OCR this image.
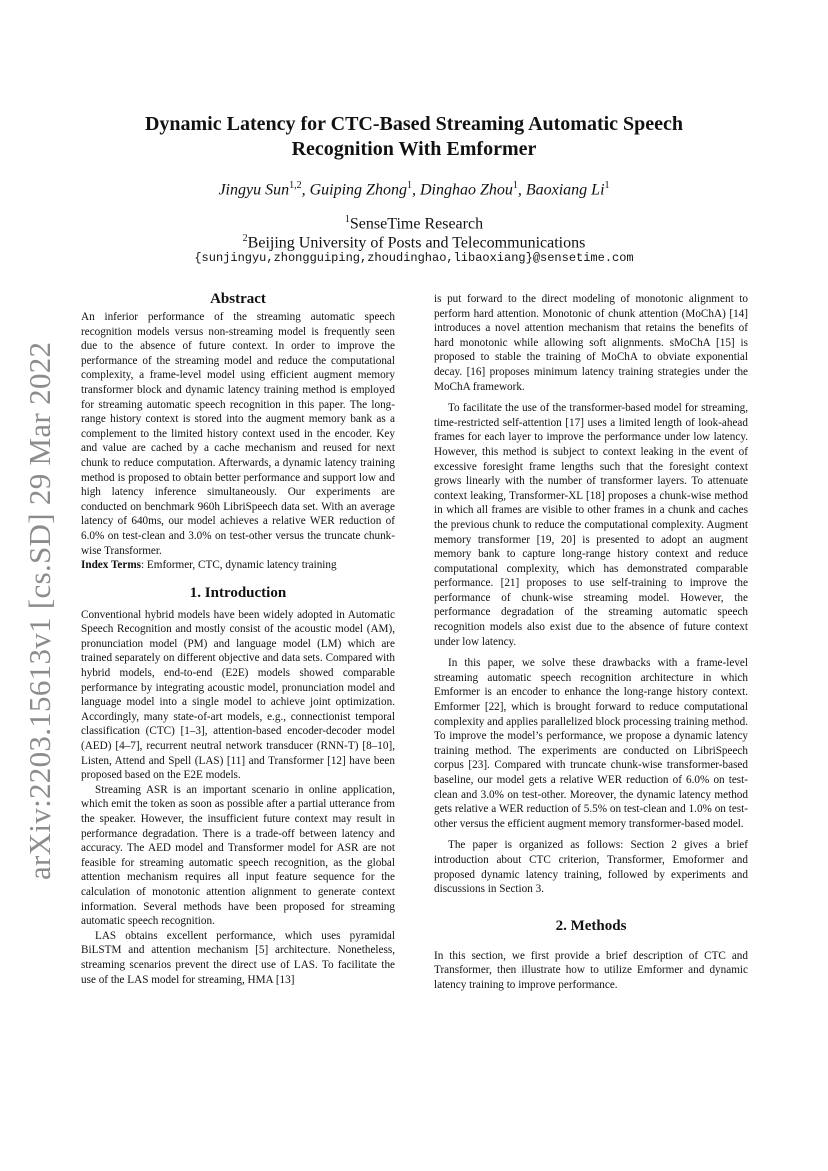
arXiv:2203.15613v1 [cs.SD] 29 Mar 2022
Dynamic Latency for CTC-Based Streaming Automatic Speech
Recognition With Emformer
Jingyu Sun$^{1,2}$, Guiping Zhong$^1$, Dinghao Zhou$^1$, Baoxiang Li$^1$
$^1$SenseTime Research
$^2$Beijing University of Posts and Telecommunications
{sunjingyu,zhongguiping,zhoudinghao,libaoxiang}@sensetime.com
Abstract

An inferior performance of the streaming automatic speech recognition models versus non-streaming model is frequently seen due to the absence of future context. In order to improve the performance of the streaming model and reduce the computational complexity, a frame-level model using efficient augment memory transformer block and dynamic latency training method is employed for streaming automatic speech recognition in this paper. The long-range history context is stored into the augment memory bank as a complement to the limited history context used in the encoder. Key and value are cached by a cache mechanism and reused for next chunk to reduce computation. Afterwards, a dynamic latency training method is proposed to obtain better performance and support low and high latency inference simultaneously. Our experiments are conducted on benchmark 960h LibriSpeech data set. With an average latency of 640ms, our model achieves a relative WER reduction of 6.0% on test-clean and 3.0% on test-other versus the truncate chunk-wise Transformer.

Index Terms: Emformer, CTC, dynamic latency training

1. Introduction

Conventional hybrid models have been widely adopted in Automatic Speech Recognition and mostly consist of the acoustic model (AM), pronunciation model (PM) and language model (LM) which are trained separately on different objective and data sets. Compared with hybrid models, end-to-end (E2E) models showed comparable performance by integrating acoustic model, pronunciation model and language model into a single model to achieve joint optimization. Accordingly, many state-of-art models, e.g., connectionist temporal classification (CTC) [1–3], attention-based encoder-decoder model (AED) [4–7], recurrent neutral network transducer (RNN-T) [8–10], Listen, Attend and Spell (LAS) [11] and Transformer [12] have been proposed based on the E2E models.

Streaming ASR is an important scenario in online application, which emit the token as soon as possible after a partial utterance from the speaker. However, the insufficient future context may result in performance degradation. There is a trade-off between latency and accuracy. The AED model and Transformer model for ASR are not feasible for streaming automatic speech recognition, as the global attention mechanism requires all input feature sequence for the calculation of monotonic attention alignment to generate context information. Several methods have been proposed for streaming automatic speech recognition.

LAS obtains excellent performance, which uses pyramidal BiLSTM and attention mechanism [5] architecture. Nonetheless, streaming scenarios prevent the direct use of LAS. To facilitate the use of the LAS model for streaming, HMA [13]

is put forward to the direct modeling of monotonic alignment to perform hard attention. Monotonic of chunk attention (MoChA) [14] introduces a novel attention mechanism that retains the benefits of hard monotonic while allowing soft alignments. sMoChA [15] is proposed to stable the training of MoChA to obviate exponential decay. [16] proposes minimum latency training strategies under the MoChA framework.

To facilitate the use of the transformer-based model for streaming, time-restricted self-attention [17] uses a limited length of look-ahead frames for each layer to improve the performance under low latency. However, this method is subject to context leaking in the event of excessive foresight frame lengths such that the foresight context grows linearly with the number of transformer layers. To attenuate context leaking, Transformer-XL [18] proposes a chunk-wise method in which all frames are visible to other frames in a chunk and caches the previous chunk to reduce the computational complexity. Augment memory transformer [19, 20] is presented to adopt an augment memory bank to capture long-range history context and reduce computational complexity, which has demonstrated comparable performance. [21] proposes to use self-training to improve the performance of chunk-wise streaming model. However, the performance degradation of the streaming automatic speech recognition models also exist due to the absence of future context under low latency.

In this paper, we solve these drawbacks with a frame-level streaming automatic speech recognition architecture in which Emformer is an encoder to enhance the long-range history context. Emformer [22], which is brought forward to reduce computational complexity and applies parallelized block processing training method. To improve the model’s performance, we propose a dynamic latency training method. The experiments are conducted on LibriSpeech corpus [23]. Compared with truncate chunk-wise transformer-based baseline, our model gets a relative WER reduction of 6.0% on test-clean and 3.0% on test-other. Moreover, the dynamic latency method gets relative a WER reduction of 5.5% on test-clean and 1.0% on test-other versus the efficient augment memory transformer-based model.

The paper is organized as follows: Section 2 gives a brief introduction about CTC criterion, Transformer, Emoformer and proposed dynamic latency training, followed by experiments and discussions in Section 3.

2. Methods

In this section, we first provide a brief description of CTC and Transformer, then illustrate how to utilize Emformer and dynamic latency training to improve performance.
